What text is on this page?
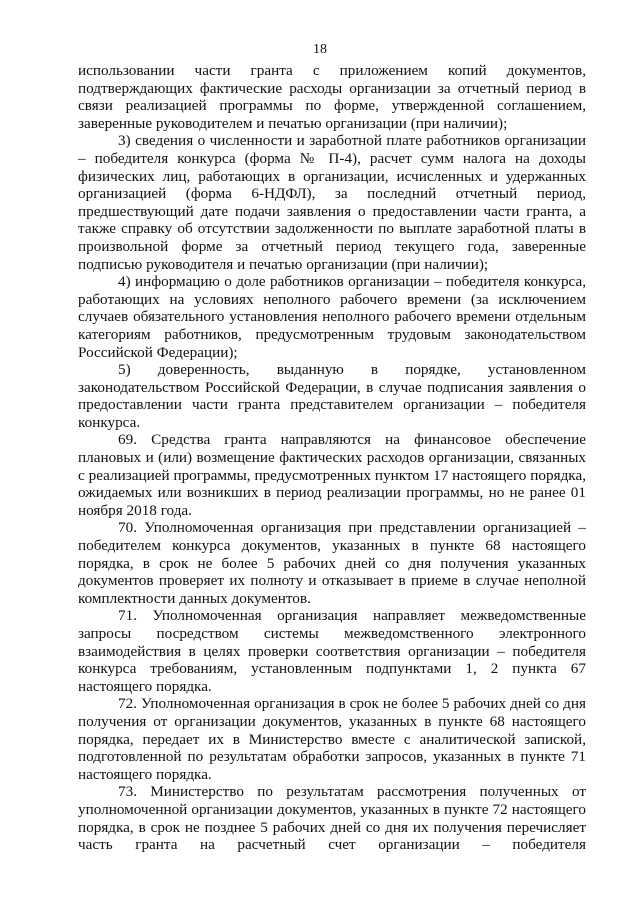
18

использовании части гранта с приложением копий документов, подтверждающих фактические расходы организации за отчетный период в связи реализацией программы по форме, утвержденной соглашением, заверенные руководителем и печатью организации (при наличии);

3) сведения о численности и заработной плате работников организации – победителя конкурса (форма № П-4), расчет сумм налога на доходы физических лиц, работающих в организации, исчисленных и удержанных организацией (форма 6-НДФЛ), за последний отчетный период, предшествующий дате подачи заявления о предоставлении части гранта, а также справку об отсутствии задолженности по выплате заработной платы в произвольной форме за отчетный период текущего года, заверенные подписью руководителя и печатью организации (при наличии);

4) информацию о доле работников организации – победителя конкурса, работающих на условиях неполного рабочего времени (за исключением случаев обязательного установления неполного рабочего времени отдельным категориям работников, предусмотренным трудовым законодательством Российской Федерации);

5) доверенность, выданную в порядке, установленном законодательством Российской Федерации, в случае подписания заявления о предоставлении части гранта представителем организации – победителя конкурса.

69. Средства гранта направляются на финансовое обеспечение плановых и (или) возмещение фактических расходов организации, связанных с реализацией программы, предусмотренных пунктом 17 настоящего порядка, ожидаемых или возникших в период реализации программы, но не ранее 01 ноября 2018 года.

70. Уполномоченная организация при представлении организацией – победителем конкурса документов, указанных в пункте 68 настоящего порядка, в срок не более 5 рабочих дней со дня получения указанных документов проверяет их полноту и отказывает в приеме в случае неполной комплектности данных документов.

71. Уполномоченная организация направляет межведомственные запросы посредством системы межведомственного электронного взаимодействия в целях проверки соответствия организации – победителя конкурса требованиям, установленным подпунктами 1, 2 пункта 67 настоящего порядка.

72. Уполномоченная организация в срок не более 5 рабочих дней со дня получения от организации документов, указанных в пункте 68 настоящего порядка, передает их в Министерство вместе с аналитической запиской, подготовленной по результатам обработки запросов, указанных в пункте 71 настоящего порядка.

73. Министерство по результатам рассмотрения полученных от уполномоченной организации документов, указанных в пункте 72 настоящего порядка, в срок не позднее 5 рабочих дней со дня их получения перечисляет часть гранта на расчетный счет организации – победителя
